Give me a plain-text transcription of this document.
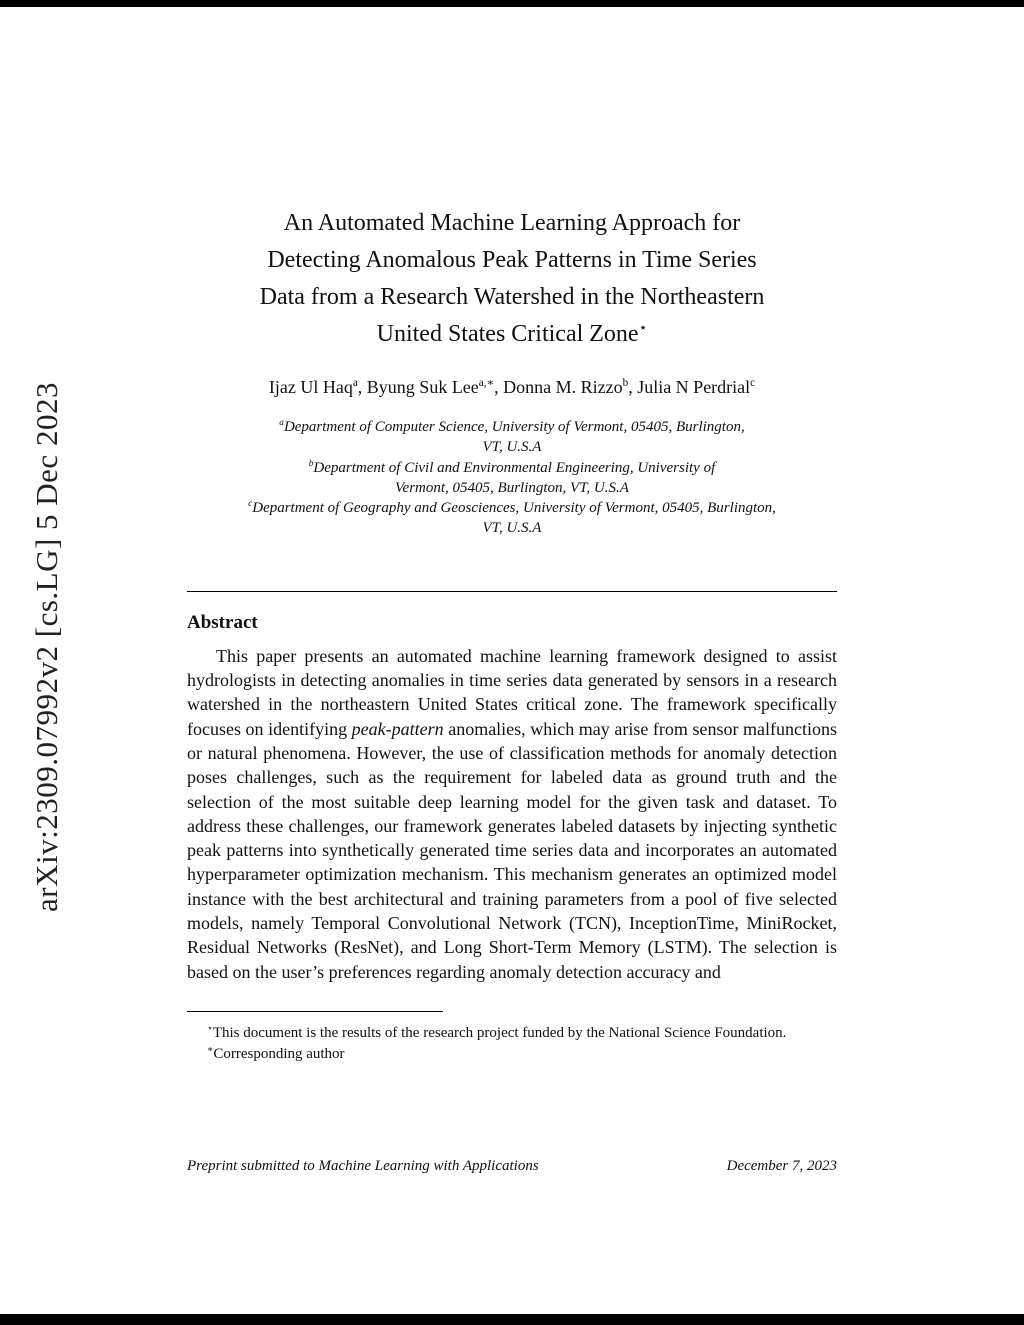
arXiv:2309.07992v2 [cs.LG] 5 Dec 2023
An Automated Machine Learning Approach for
Detecting Anomalous Peak Patterns in Time Series
Data from a Research Watershed in the Northeastern
United States Critical Zone⋆
Ijaz Ul Haq$^a$, Byung Suk Lee$^{a,∗}$, Donna M. Rizzo$^b$, Julia N Perdrial$^c$
$^a$Department of Computer Science, University of Vermont, 05405, Burlington,
VT, U.S.A
$^b$Department of Civil and Environmental Engineering, University of
Vermont, 05405, Burlington, VT, U.S.A
$^c$Department of Geography and Geosciences, University of Vermont, 05405, Burlington,
VT, U.S.A
Abstract

This paper presents an automated machine learning framework designed to assist hydrologists in detecting anomalies in time series data generated by sensors in a research watershed in the northeastern United States critical zone. The framework specifically focuses on identifying peak-pattern anomalies, which may arise from sensor malfunctions or natural phenomena. However, the use of classification methods for anomaly detection poses challenges, such as the requirement for labeled data as ground truth and the selection of the most suitable deep learning model for the given task and dataset. To address these challenges, our framework generates labeled datasets by injecting synthetic peak patterns into synthetically generated time series data and incorporates an automated hyperparameter optimization mechanism. This mechanism generates an optimized model instance with the best architectural and training parameters from a pool of five selected models, namely Temporal Convolutional Network (TCN), InceptionTime, MiniRocket, Residual Networks (ResNet), and Long Short-Term Memory (LSTM). The selection is based on the user’s preferences regarding anomaly detection accuracy and

⋆This document is the results of the research project funded by the National Science Foundation.

∗Corresponding author

Preprint submitted to Machine Learning with Applications	December 7, 2023
